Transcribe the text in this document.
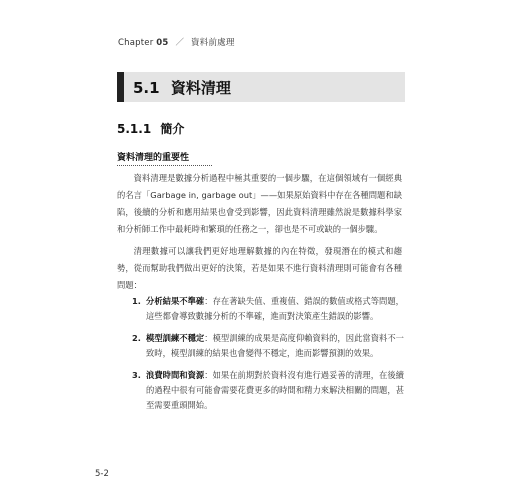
Chapter 05 ／ 資料前處理
5.1 資料清理
5.1.1 簡介
資料清理的重要性

資料清理是數據分析過程中極其重要的一個步驟，在這個領域有一個經典的名言「Garbage in, garbage out」——如果原始資料中存在各種問題和缺陷，後續的分析和應用結果也會受到影響，因此資料清理雖然說是數據科學家和分析師工作中最耗時和繁瑣的任務之一，卻也是不可或缺的一個步驟。

清理數據可以讓我們更好地理解數據的內在特徵，發現潛在的模式和趨勢，從而幫助我們做出更好的決策，若是如果不進行資料清理則可能會有各種問題：

1. 分析結果不準確：存在著缺失值、重複值、錯誤的數值或格式等問題，這些都會導致數據分析的不準確，進而對決策產生錯誤的影響。
2. 模型訓練不穩定：模型訓練的成果是高度仰賴資料的，因此當資料不一致時，模型訓練的結果也會變得不穩定，進而影響預測的效果。
3. 浪費時間和資源：如果在前期對於資料沒有進行過妥善的清理，在後續的過程中很有可能會需要花費更多的時間和精力來解決相關的問題，甚至需要重頭開始。
5-2
